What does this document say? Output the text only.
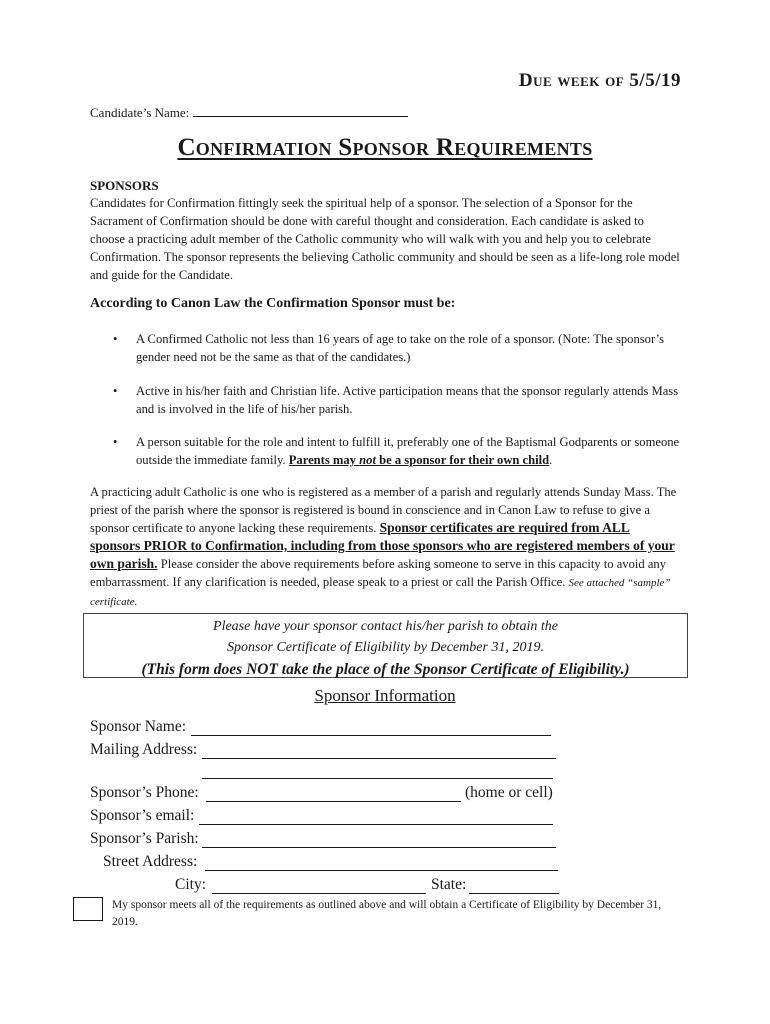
Due week of 5/5/19
Candidate’s Name:
Confirmation Sponsor Requirements
SPONSORS
Candidates for Confirmation fittingly seek the spiritual help of a sponsor. The selection of a Sponsor for the Sacrament of Confirmation should be done with careful thought and consideration. Each candidate is asked to choose a practicing adult member of the Catholic community who will walk with you and help you to celebrate Confirmation. The sponsor represents the believing Catholic community and should be seen as a life-long role model and guide for the Candidate.
According to Canon Law the Confirmation Sponsor must be:
• A Confirmed Catholic not less than 16 years of age to take on the role of a sponsor. (Note: The sponsor’s gender need not be the same as that of the candidates.)
• Active in his/her faith and Christian life. Active participation means that the sponsor regularly attends Mass and is involved in the life of his/her parish.
• A person suitable for the role and intent to fulfill it, preferably one of the Baptismal Godparents or someone outside the immediate family. Parents may not be a sponsor for their own child.
A practicing adult Catholic is one who is registered as a member of a parish and regularly attends Sunday Mass. The priest of the parish where the sponsor is registered is bound in conscience and in Canon Law to refuse to give a sponsor certificate to anyone lacking these requirements. Sponsor certificates are required from ALL sponsors PRIOR to Confirmation, including from those sponsors who are registered members of your own parish. Please consider the above requirements before asking someone to serve in this capacity to avoid any embarrassment. If any clarification is needed, please speak to a priest or call the Parish Office. See attached “sample” certificate.
Please have your sponsor contact his/her parish to obtain the
Sponsor Certificate of Eligibility by December 31, 2019.
(This form does NOT take the place of the Sponsor Certificate of Eligibility.)
Sponsor Information
Sponsor Name:
Mailing Address:
Sponsor’s Phone:	(home or cell)
Sponsor’s email:
Sponsor’s Parish:
Street Address:
City:	State:
My sponsor meets all of the requirements as outlined above and will obtain a Certificate of Eligibility by December 31, 2019.
